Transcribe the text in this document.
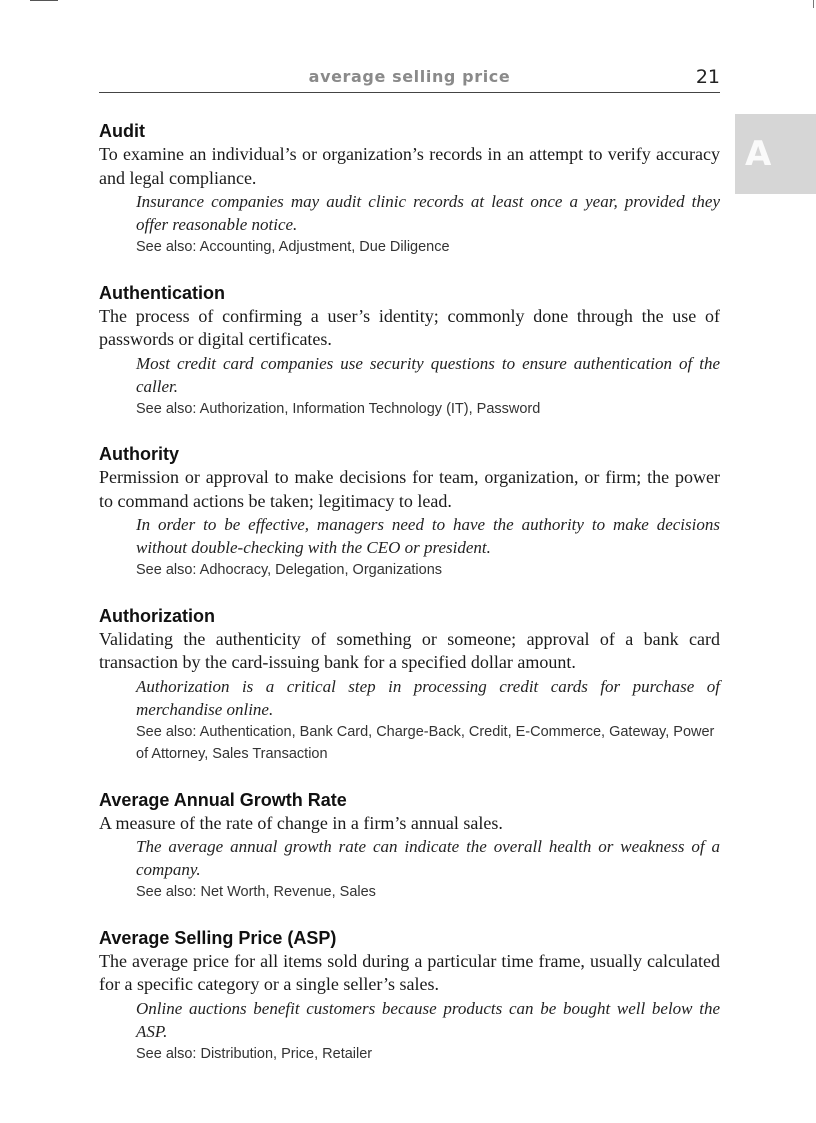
average selling price	21
A
Audit

To examine an individual’s or organization’s records in an attempt to verify accuracy and legal compliance.

Insurance companies may audit clinic records at least once a year, provided they offer reasonable notice.

See also: Accounting, Adjustment, Due Diligence

Authentication

The process of confirming a user’s identity; commonly done through the use of passwords or digital certificates.

Most credit card companies use security questions to ensure authentication of the caller.

See also: Authorization, Information Technology (IT), Password

Authority

Permission or approval to make decisions for team, organization, or firm; the power to command actions be taken; legitimacy to lead.

In order to be effective, managers need to have the authority to make decisions without double-checking with the CEO or president.

See also: Adhocracy, Delegation, Organizations

Authorization

Validating the authenticity of something or someone; approval of a bank card transaction by the card-issuing bank for a specified dollar amount.

Authorization is a critical step in processing credit cards for purchase of merchandise online.

See also: Authentication, Bank Card, Charge-Back, Credit, E-Commerce, Gateway, Power of Attorney, Sales Transaction

Average Annual Growth Rate

A measure of the rate of change in a firm’s annual sales.

The average annual growth rate can indicate the overall health or weakness of a company.

See also: Net Worth, Revenue, Sales

Average Selling Price (ASP)

The average price for all items sold during a particular time frame, usually calculated for a specific category or a single seller’s sales.

Online auctions benefit customers because products can be bought well below the ASP.

See also: Distribution, Price, Retailer
